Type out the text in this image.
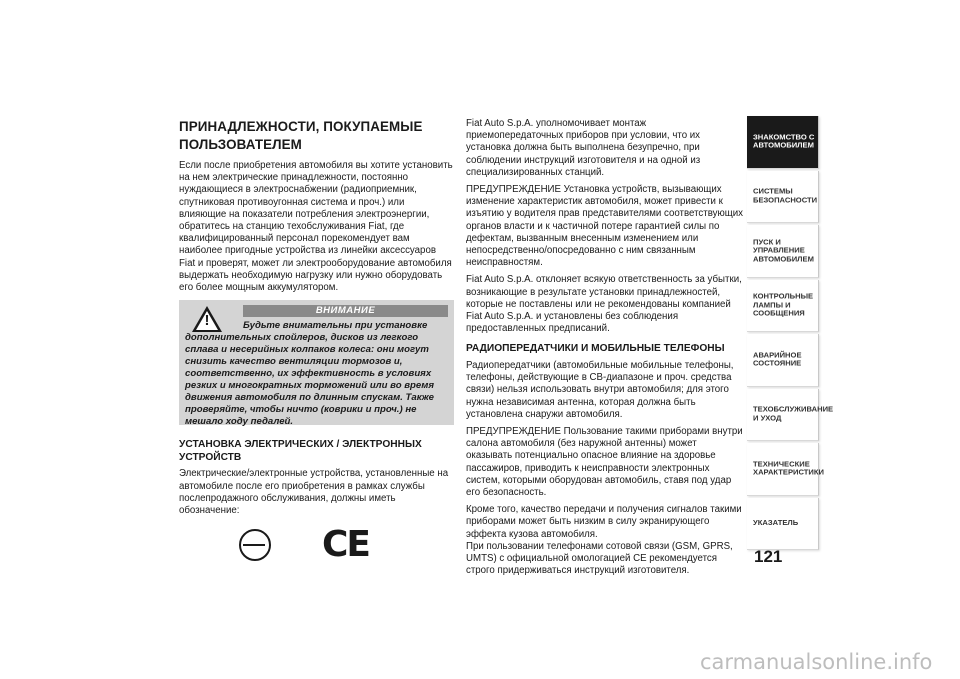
ПРИНАДЛЕЖНОСТИ, ПОКУПАЕМЫЕ ПОЛЬЗОВАТЕЛЕМ

Если после приобретения автомобиля вы хотите установить на нем электрические принадлежности, постоянно нуждающиеся в электроснабжении (радиоприемник, спутниковая противоугонная система и проч.) или влияющие на показатели потребления электроэнергии, обратитесь на станцию техобслуживания Fiat, где квалифицированный персонал порекомендует вам наиболее пригодные устройства из линейки аксессуаров Fiat и проверят, может ли электрооборудование автомобиля выдержать необходимую нагрузку или нужно оборудовать его более мощным аккумулятором.

!
ВНИМАНИЕ
Будьте внимательны при установке дополнительных спойлеров, дисков из легкого сплава и несерийных колпаков колеса: они могут снизить качество вентиляции тормозов и, соответственно, их эффективность в условиях резких и многократных торможений или во время движения автомобиля по длинным спускам. Также проверяйте, чтобы ничто (коврики и проч.) не мешало ходу педалей.
УСТАНОВКА ЭЛЕКТРИЧЕСКИХ / ЭЛЕКТРОННЫХ УСТРОЙСТВ

Электрические/электронные устройства, установленные на автомобиле после его приобретения в рамках службы послепродажного обслуживания, должны иметь обозначение:

CE

Fiat Auto S.p.A. уполномочивает монтаж приемопередаточных приборов при условии, что их установка должна быть выполнена безупречно, при соблюдении инструкций изготовителя и на одной из специализированных станций.

ПРЕДУПРЕЖДЕНИЕ Установка устройств, вызывающих изменение характеристик автомобиля, может привести к изъятию у водителя прав представителями соответствующих органов власти и к частичной потере гарантией силы по дефектам, вызванным внесенным изменением или непосредственно/опосредованно с ним связанным неисправностям.

Fiat Auto S.p.A. отклоняет всякую ответственность за убытки, возникающие в результате установки принадлежностей, которые не поставлены или не рекомендованы компанией Fiat Auto S.p.A. и установлены без соблюдения предоставленных предписаний.

РАДИОПЕРЕДАТЧИКИ И МОБИЛЬНЫЕ ТЕЛЕФОНЫ

Радиопередатчики (автомобильные мобильные телефоны, телефоны, действующие в CB-диапазоне и проч. средства связи) нельзя использовать внутри автомобиля; для этого нужна независимая антенна, которая должна быть установлена снаружи автомобиля.

ПРЕДУПРЕЖДЕНИЕ Пользование такими приборами внутри салона автомобиля (без наружной антенны) может оказывать потенциально опасное влияние на здоровье пассажиров, приводить к неисправности электронных систем, которыми оборудован автомобиль, ставя под удар его безопасность.

Кроме того, качество передачи и получения сигналов такими приборами может быть низким в силу экранирующего эффекта кузова автомобиля.

При пользовании телефонами сотовой связи (GSM, GPRS, UMTS) с официальной омологацией СЕ рекомендуется строго придерживаться инструкций изготовителя.

ЗНАКОМСТВО С АВТОМОБИЛЕМ
СИСТЕМЫ БЕЗОПАСНОСТИ
ПУСК И УПРАВЛЕНИЕ АВТОМОБИЛЕМ
КОНТРОЛЬНЫЕ ЛАМПЫ И СООБЩЕНИЯ
АВАРИЙНОЕ СОСТОЯНИЕ
ТЕХОБСЛУЖИВАНИЕ И УХОД
ТЕХНИЧЕСКИЕ ХАРАКТЕРИСТИКИ
УКАЗАТЕЛЬ
121
carmanualsonline.info
